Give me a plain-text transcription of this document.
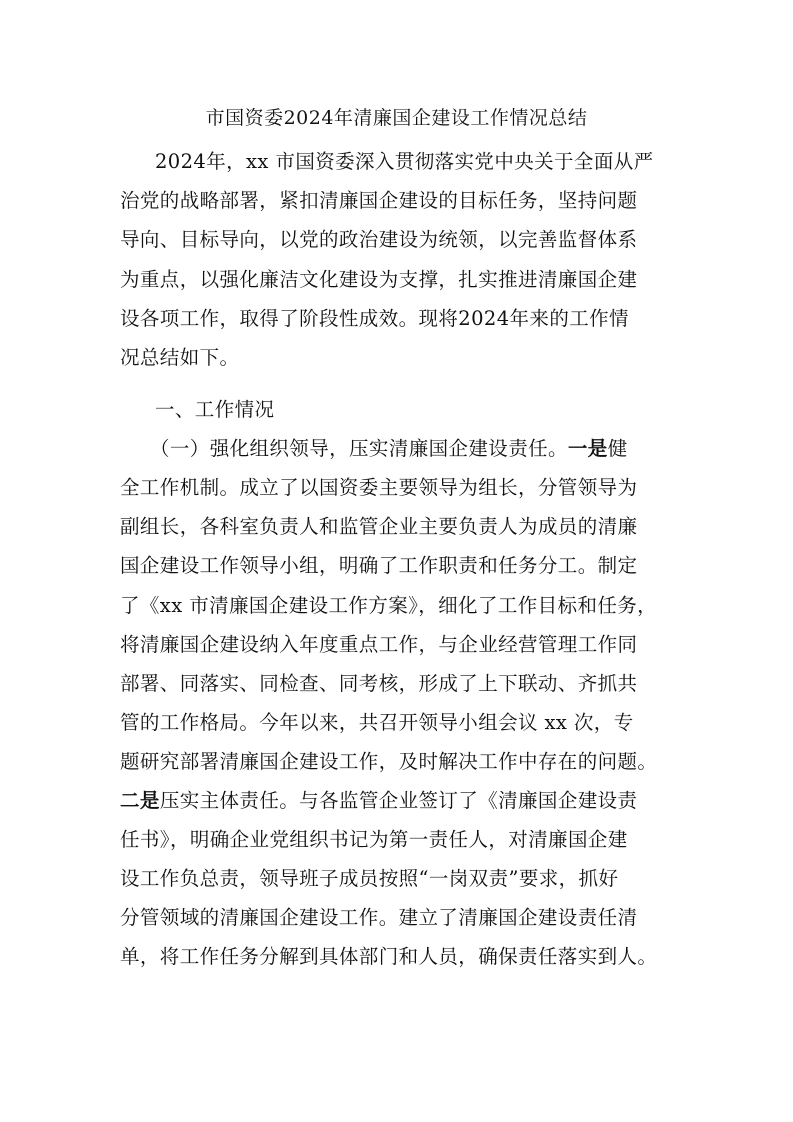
市国资委2024年清廉国企建设工作情况总结
2024年，xx 市国资委深入贯彻落实党中央关于全面从严
治党的战略部署，紧扣清廉国企建设的目标任务，坚持问题
导向、目标导向，以党的政治建设为统领，以完善监督体系
为重点，以强化廉洁文化建设为支撑，扎实推进清廉国企建
设各项工作，取得了阶段性成效。现将2024年来的工作情
况总结如下。
一、工作情况
（一）强化组织领导，压实清廉国企建设责任。一是健
全工作机制。成立了以国资委主要领导为组长，分管领导为
副组长，各科室负责人和监管企业主要负责人为成员的清廉
国企建设工作领导小组，明确了工作职责和任务分工。制定
了《xx 市清廉国企建设工作方案》，细化了工作目标和任务，
将清廉国企建设纳入年度重点工作，与企业经营管理工作同
部署、同落实、同检查、同考核，形成了上下联动、齐抓共
管的工作格局。今年以来，共召开领导小组会议 xx 次，专
题研究部署清廉国企建设工作，及时解决工作中存在的问题。
二是压实主体责任。与各监管企业签订了《清廉国企建设责
任书》，明确企业党组织书记为第一责任人，对清廉国企建
设工作负总责，领导班子成员按照“一岗双责”要求，抓好
分管领域的清廉国企建设工作。建立了清廉国企建设责任清
单，将工作任务分解到具体部门和人员，确保责任落实到人。
